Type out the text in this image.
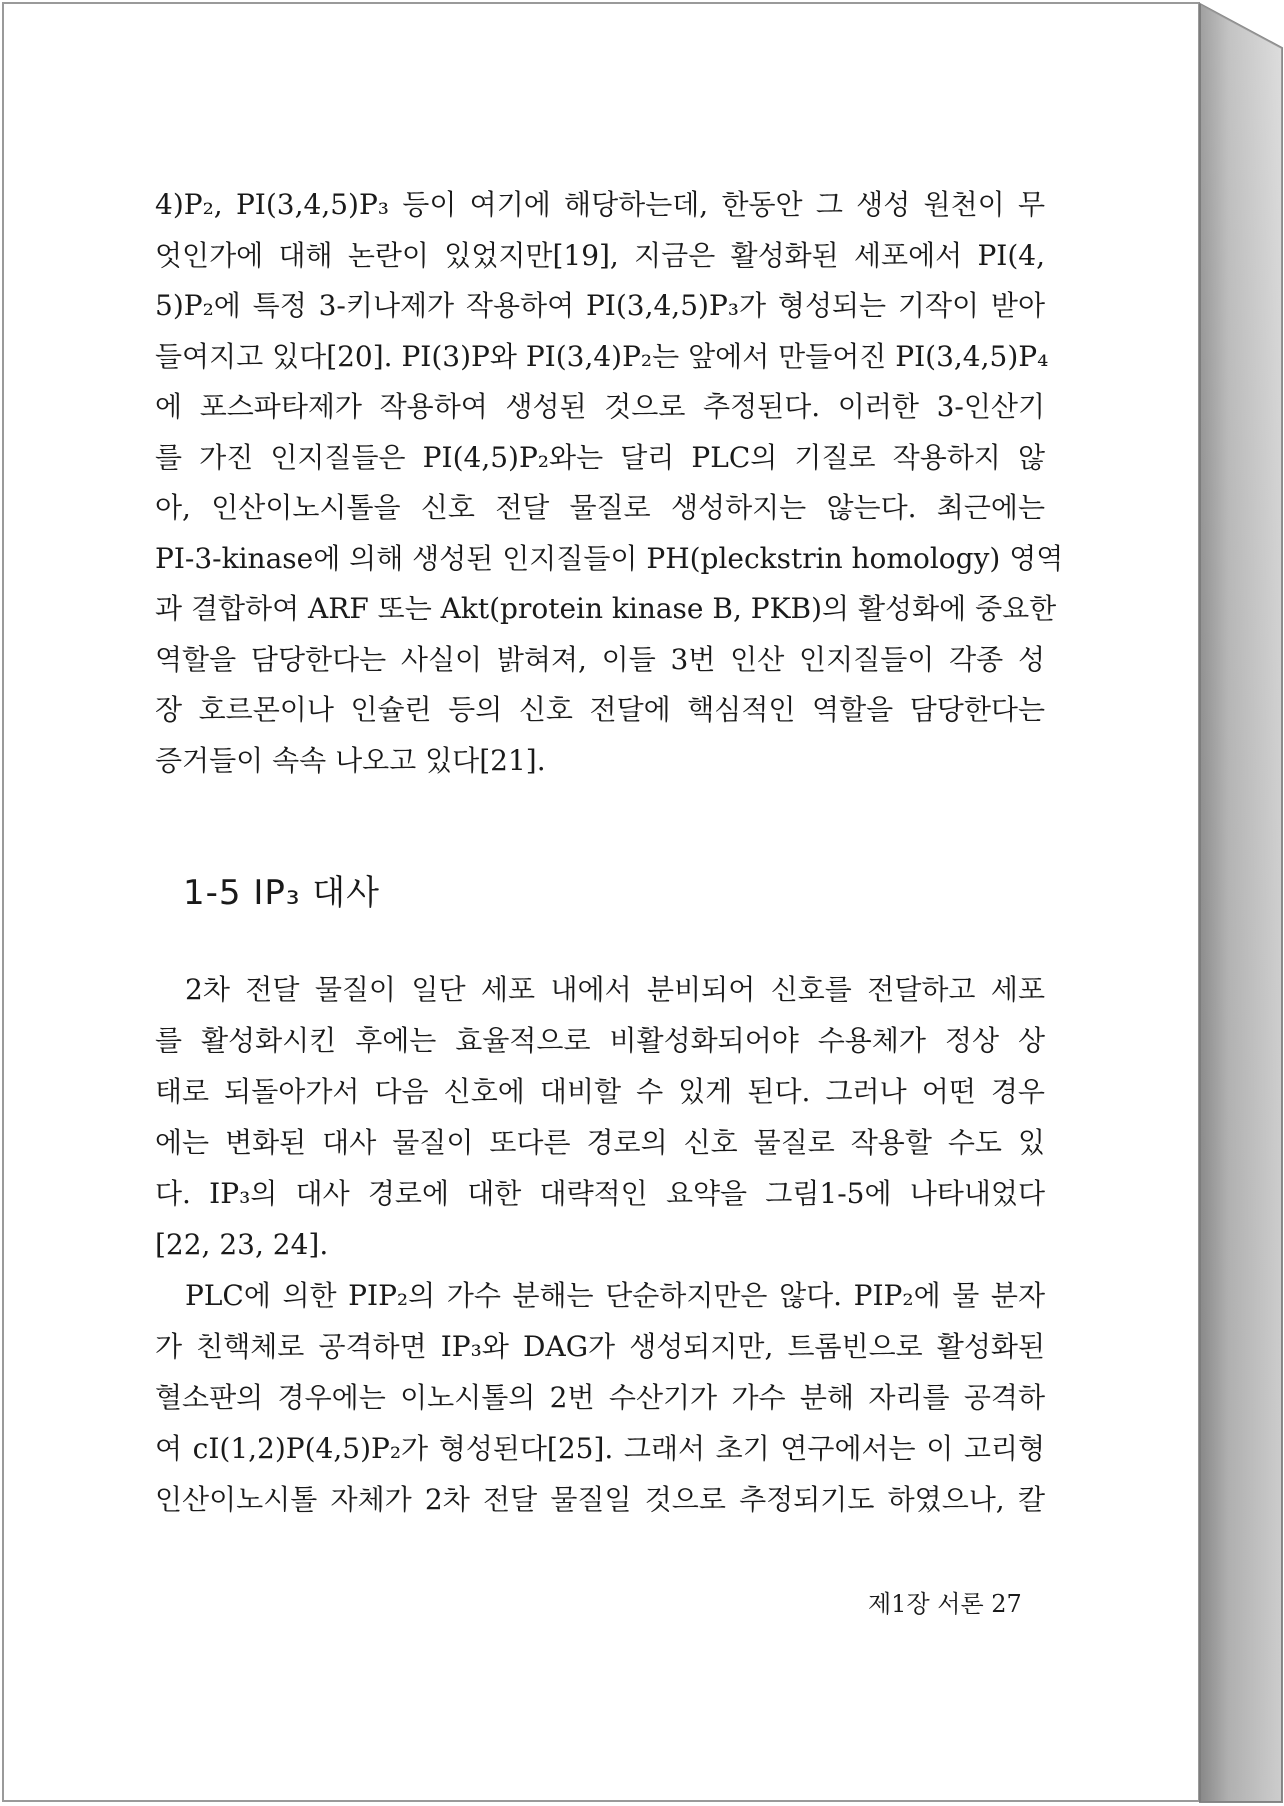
4)P₂, PI(3,4,5)P₃ 등이 여기에 해당하는데, 한동안 그 생성 원천이 무
엇인가에 대해 논란이 있었지만[19], 지금은 활성화된 세포에서 PI(4,
5)P₂에 특정 3-키나제가 작용하여 PI(3,4,5)P₃가 형성되는 기작이 받아
들여지고 있다[20]. PI(3)P와 PI(3,4)P₂는 앞에서 만들어진 PI(3,4,5)P₄
에 포스파타제가 작용하여 생성된 것으로 추정된다. 이러한 3-인산기
를 가진 인지질들은 PI(4,5)P₂와는 달리 PLC의 기질로 작용하지 않
아, 인산이노시톨을 신호 전달 물질로 생성하지는 않는다. 최근에는
PI-3-kinase에 의해 생성된 인지질들이 PH(pleckstrin homology) 영역
과 결합하여 ARF 또는 Akt(protein kinase B, PKB)의 활성화에 중요한
역할을 담당한다는 사실이 밝혀져, 이들 3번 인산 인지질들이 각종 성
장 호르몬이나 인슐린 등의 신호 전달에 핵심적인 역할을 담당한다는
증거들이 속속 나오고 있다[21].
1-5 IP₃ 대사
2차 전달 물질이 일단 세포 내에서 분비되어 신호를 전달하고 세포
를 활성화시킨 후에는 효율적으로 비활성화되어야 수용체가 정상 상
태로 되돌아가서 다음 신호에 대비할 수 있게 된다. 그러나 어떤 경우
에는 변화된 대사 물질이 또다른 경로의 신호 물질로 작용할 수도 있
다. IP₃의 대사 경로에 대한 대략적인 요약을 그림1-5에 나타내었다
[22, 23, 24].
PLC에 의한 PIP₂의 가수 분해는 단순하지만은 않다. PIP₂에 물 분자
가 친핵체로 공격하면 IP₃와 DAG가 생성되지만, 트롬빈으로 활성화된
혈소판의 경우에는 이노시톨의 2번 수산기가 가수 분해 자리를 공격하
여 cI(1,2)P(4,5)P₂가 형성된다[25]. 그래서 초기 연구에서는 이 고리형
인산이노시톨 자체가 2차 전달 물질일 것으로 추정되기도 하였으나, 칼
제1장 서론 27
